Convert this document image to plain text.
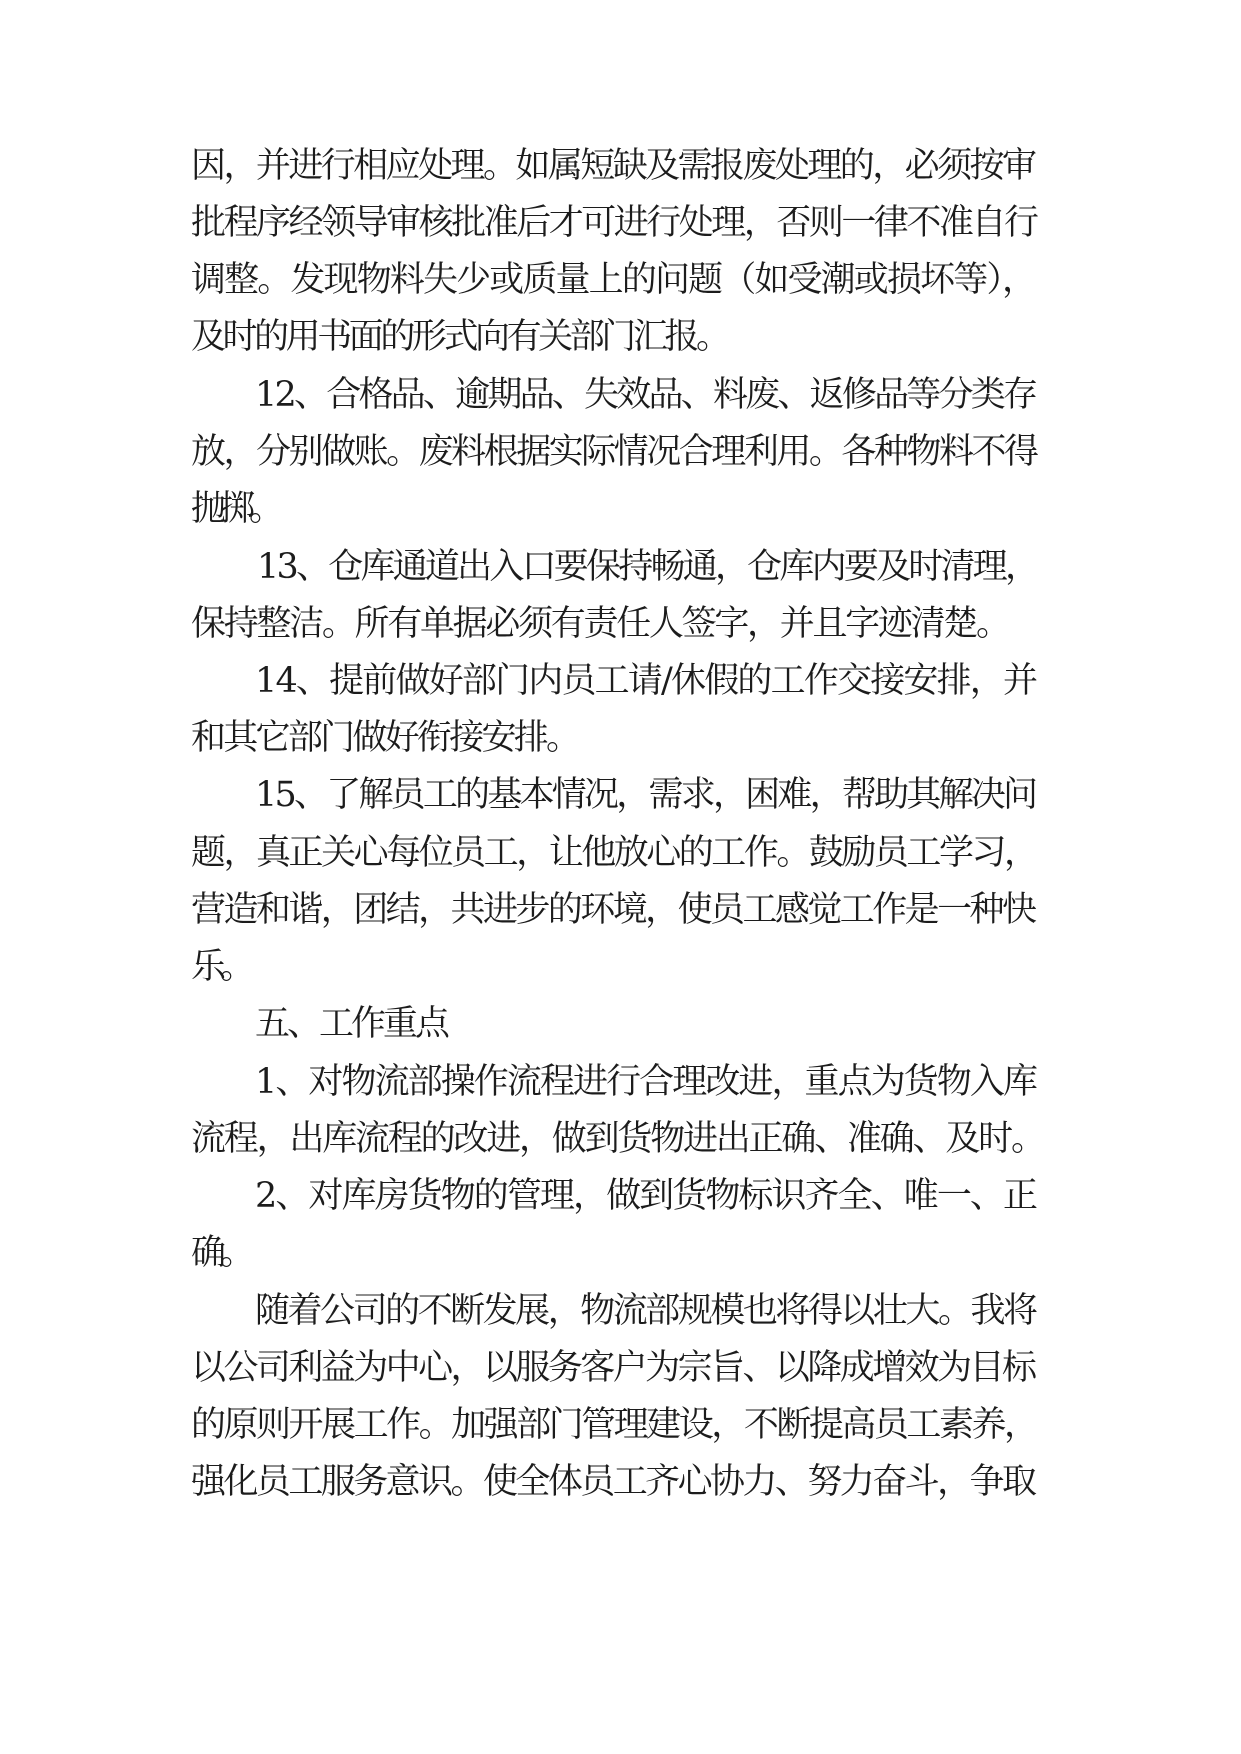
因，并进行相应处理。如属短缺及需报废处理的，必须按审
批程序经领导审核批准后才可进行处理，否则一律不准自行
调整。发现物料失少或质量上的问题（如受潮或损坏等），
及时的用书面的形式向有关部门汇报。
12、合格品、逾期品、失效品、料废、返修品等分类存
放，分别做账。废料根据实际情况合理利用。各种物料不得
抛掷。
13、仓库通道出入口要保持畅通，仓库内要及时清理，
保持整洁。所有单据必须有责任人签字，并且字迹清楚。
14、提前做好部门内员工请/休假的工作交接安排，并
和其它部门做好衔接安排。
15、了解员工的基本情况，需求，困难，帮助其解决问
题，真正关心每位员工，让他放心的工作。鼓励员工学习，
营造和谐，团结，共进步的环境，使员工感觉工作是一种快
乐。
五、工作重点
1、对物流部操作流程进行合理改进，重点为货物入库
流程，出库流程的改进，做到货物进出正确、准确、及时。
2、对库房货物的管理，做到货物标识齐全、唯一、正
确。
随着公司的不断发展，物流部规模也将得以壮大。我将
以公司利益为中心，以服务客户为宗旨、以降成增效为目标
的原则开展工作。加强部门管理建设，不断提高员工素养，
强化员工服务意识。使全体员工齐心协力、努力奋斗，争取
